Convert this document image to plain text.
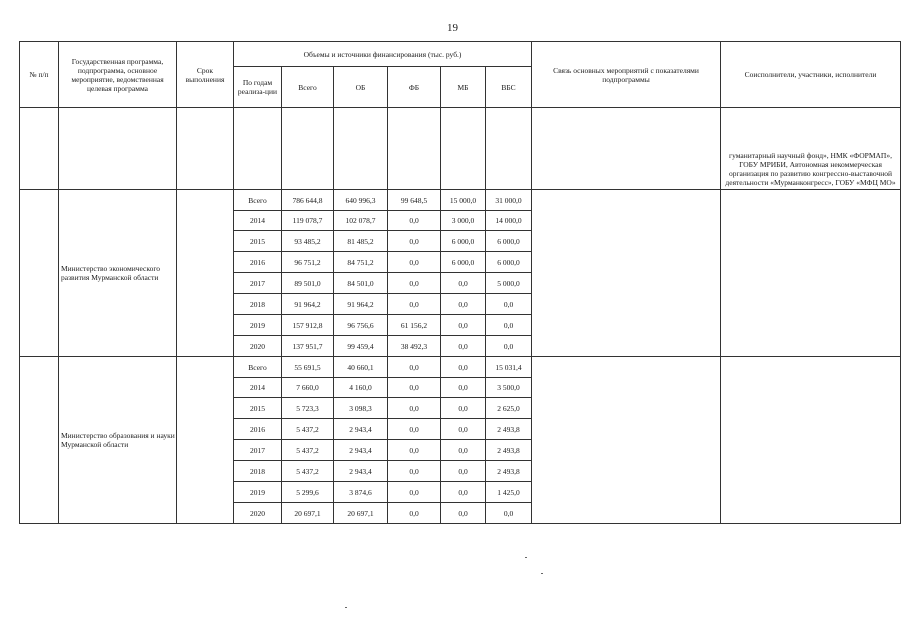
19
№ п/п	Государственная программа, подпрограмма, основное мероприятие, ведомственная целевая программа	Срок выполнения	Объемы и источники финансирования (тыс. руб.)						Связь основных мероприятий с показателями подпрограммы	Соисполнители, участники, исполнители
			По годам реализа-ции	Всего	ОБ	ФБ	МБ	ВБС		
										гуманитарный научный фонд», НМК «ФОРМАП», ГОБУ МРИБИ, Автономная некоммерческая организация по развитию конгрессно-выставочной деятельности «Мурманконгресс», ГОБУ «МФЦ МО»
	Министерство экономического развития Мурманской области		Всего	786 644,8	640 996,3	99 648,5	15 000,0	31 000,0		
			2014	119 078,7	102 078,7	0,0	3 000,0	14 000,0		
			2015	93 485,2	81 485,2	0,0	6 000,0	6 000,0		
			2016	96 751,2	84 751,2	0,0	6 000,0	6 000,0		
			2017	89 501,0	84 501,0	0,0	0,0	5 000,0		
			2018	91 964,2	91 964,2	0,0	0,0	0,0		
			2019	157 912,8	96 756,6	61 156,2	0,0	0,0		
			2020	137 951,7	99 459,4	38 492,3	0,0	0,0		
	Министерство образования и науки Мурманской области		Всего	55 691,5	40 660,1	0,0	0,0	15 031,4		
			2014	7 660,0	4 160,0	0,0	0,0	3 500,0		
			2015	5 723,3	3 098,3	0,0	0,0	2 625,0		
			2016	5 437,2	2 943,4	0,0	0,0	2 493,8		
			2017	5 437,2	2 943,4	0,0	0,0	2 493,8		
			2018	5 437,2	2 943,4	0,0	0,0	2 493,8		
			2019	5 299,6	3 874,6	0,0	0,0	1 425,0		
			2020	20 697,1	20 697,1	0,0	0,0	0,0		
